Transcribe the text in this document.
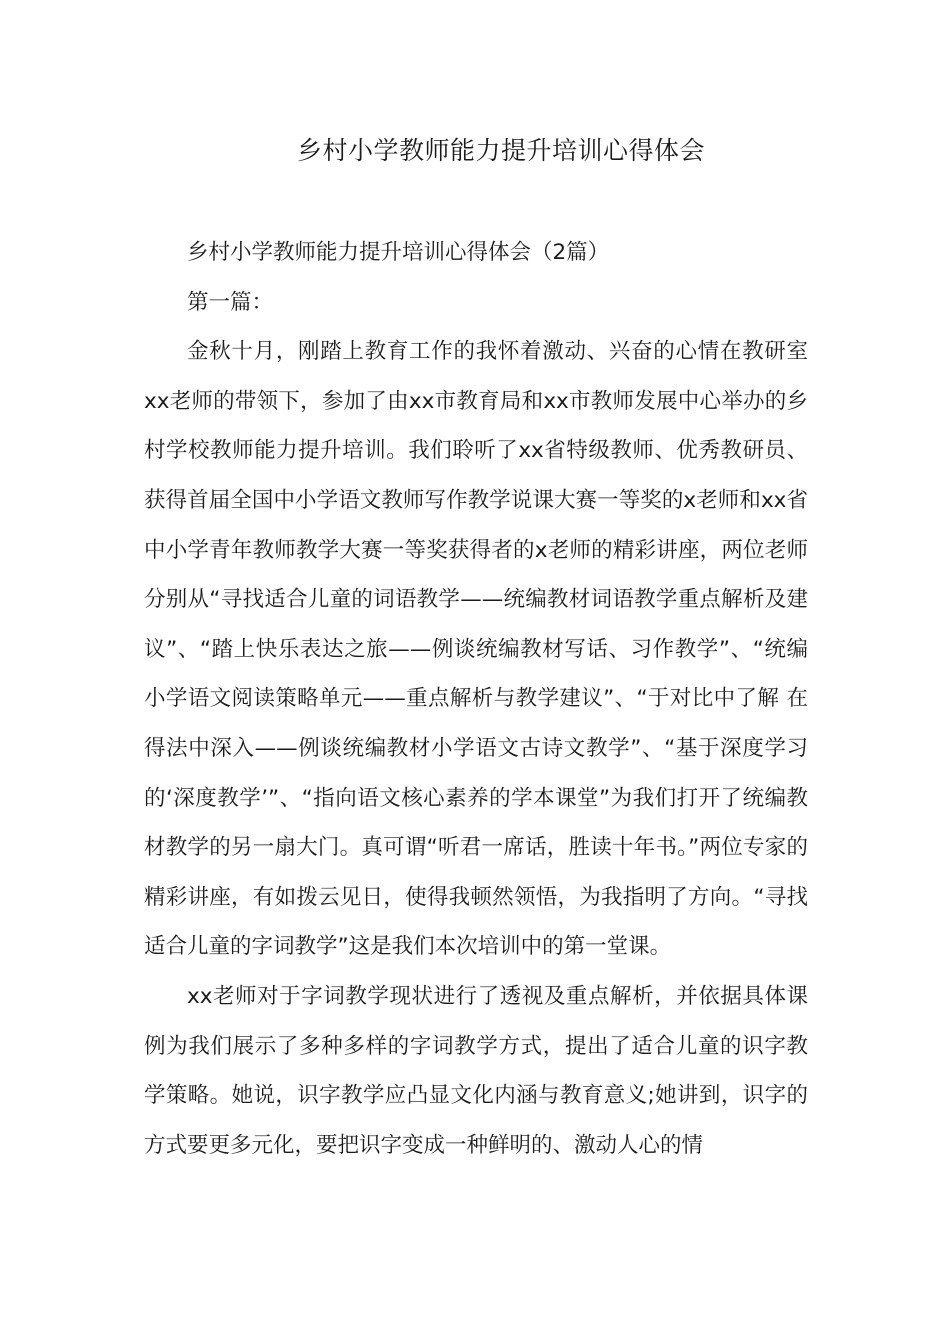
乡村小学教师能力提升培训心得体会

乡村小学教师能力提升培训心得体会（2篇）

第一篇：

金秋十月，刚踏上教育工作的我怀着激动、兴奋的心情在教研室xx老师的带领下，参加了由xx市教育局和xx市教师发展中心举办的乡村学校教师能力提升培训。我们聆听了xx省特级教师、优秀教研员、获得首届全国中小学语文教师写作教学说课大赛一等奖的x老师和xx省中小学青年教师教学大赛一等奖获得者的x老师的精彩讲座，两位老师分别从“寻找适合儿童的词语教学——统编教材词语教学重点解析及建议”、“踏上快乐表达之旅——例谈统编教材写话、习作教学”、“统编小学语文阅读策略单元——重点解析与教学建议”、“于对比中了解 在得法中深入——例谈统编教材小学语文古诗文教学”、“基于深度学习的‘深度教学’”、“指向语文核心素养的学本课堂”为我们打开了统编教材教学的另一扇大门。真可谓“听君一席话，胜读十年书。”两位专家的精彩讲座，有如拨云见日，使得我顿然领悟，为我指明了方向。“寻找适合儿童的字词教学”这是我们本次培训中的第一堂课。

xx老师对于字词教学现状进行了透视及重点解析，并依据具体课例为我们展示了多种多样的字词教学方式，提出了适合儿童的识字教学策略。她说，识字教学应凸显文化内涵与教育意义;她讲到，识字的方式要更多元化，要把识字变成一种鲜明的、激动人心的情
